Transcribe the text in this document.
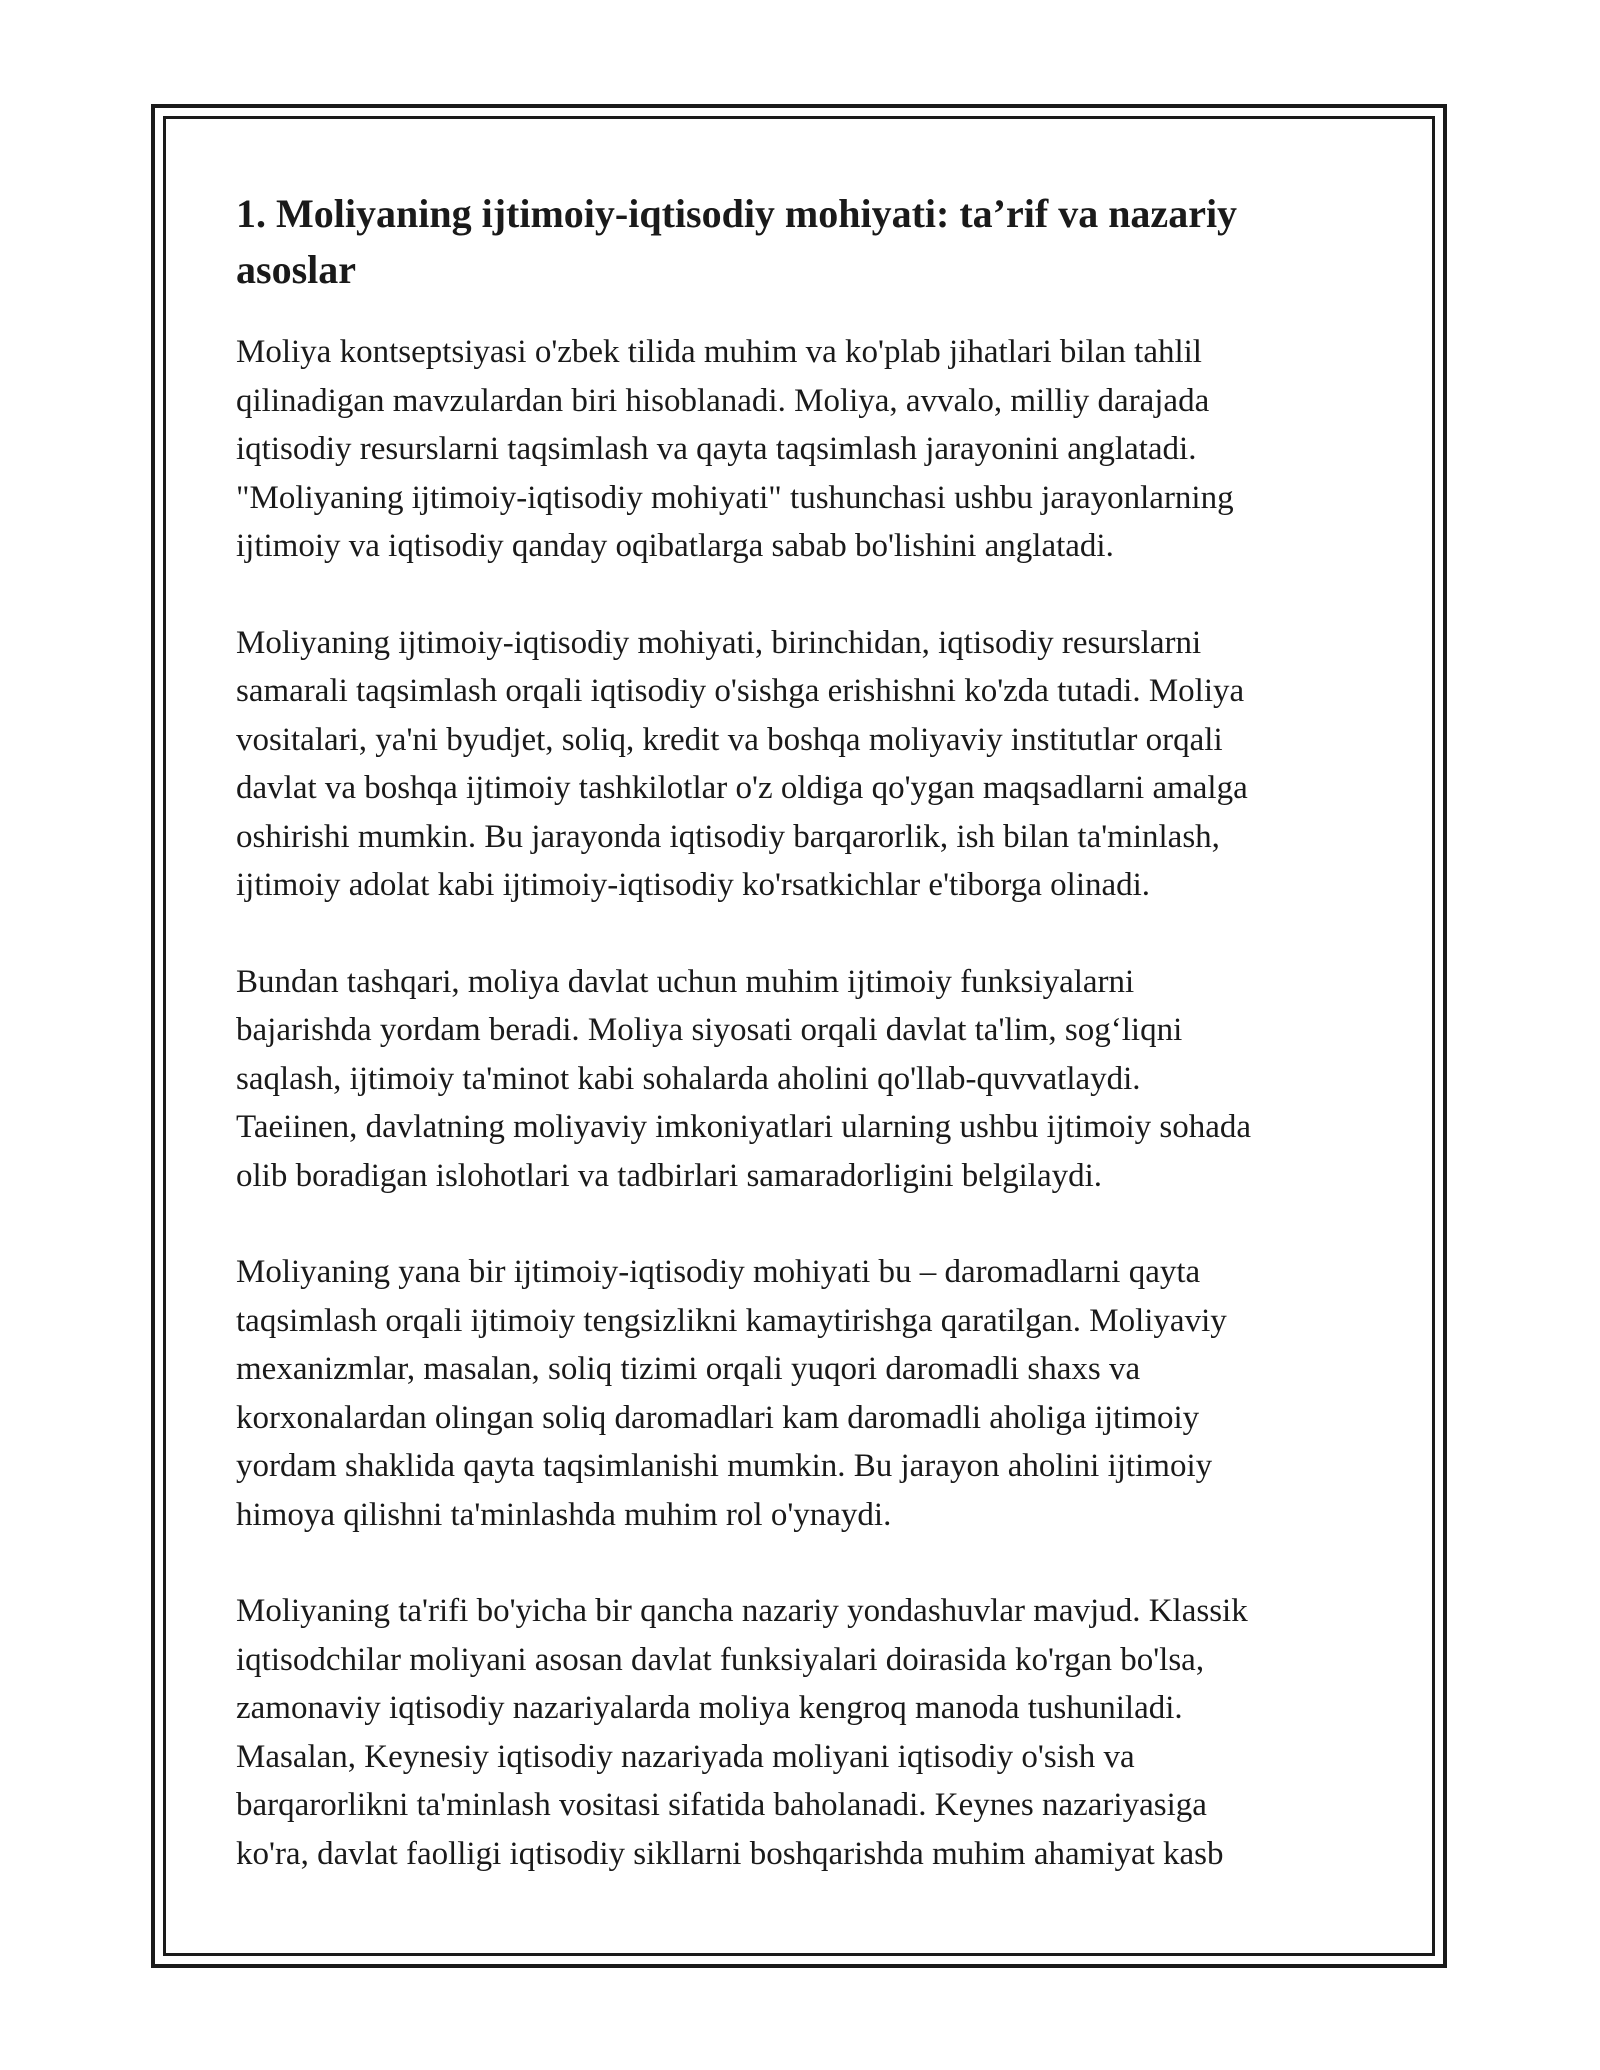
1. Moliyaning ijtimoiy-iqtisodiy mohiyati: ta’rif va nazariy asoslar

Moliya kontseptsiyasi o'zbek tilida muhim va ko'plab jihatlari bilan tahlil
qilinadigan mavzulardan biri hisoblanadi. Moliya, avvalo, milliy darajada
iqtisodiy resurslarni taqsimlash va qayta taqsimlash jarayonini anglatadi.
"Moliyaning ijtimoiy-iqtisodiy mohiyati" tushunchasi ushbu jarayonlarning
ijtimoiy va iqtisodiy qanday oqibatlarga sabab bo'lishini anglatadi.

Moliyaning ijtimoiy-iqtisodiy mohiyati, birinchidan, iqtisodiy resurslarni
samarali taqsimlash orqali iqtisodiy o'sishga erishishni ko'zda tutadi. Moliya
vositalari, ya'ni byudjet, soliq, kredit va boshqa moliyaviy institutlar orqali
davlat va boshqa ijtimoiy tashkilotlar o'z oldiga qo'ygan maqsadlarni amalga
oshirishi mumkin. Bu jarayonda iqtisodiy barqarorlik, ish bilan ta'minlash,
ijtimoiy adolat kabi ijtimoiy-iqtisodiy ko'rsatkichlar e'tiborga olinadi.

Bundan tashqari, moliya davlat uchun muhim ijtimoiy funksiyalarni
bajarishda yordam beradi. Moliya siyosati orqali davlat ta'lim, sog‘liqni
saqlash, ijtimoiy ta'minot kabi sohalarda aholini qo'llab-quvvatlaydi.
Taeiinen, davlatning moliyaviy imkoniyatlari ularning ushbu ijtimoiy sohada
olib boradigan islohotlari va tadbirlari samaradorligini belgilaydi.

Moliyaning yana bir ijtimoiy-iqtisodiy mohiyati bu – daromadlarni qayta
taqsimlash orqali ijtimoiy tengsizlikni kamaytirishga qaratilgan. Moliyaviy
mexanizmlar, masalan, soliq tizimi orqali yuqori daromadli shaxs va
korxonalardan olingan soliq daromadlari kam daromadli aholiga ijtimoiy
yordam shaklida qayta taqsimlanishi mumkin. Bu jarayon aholini ijtimoiy
himoya qilishni ta'minlashda muhim rol o'ynaydi.

Moliyaning ta'rifi bo'yicha bir qancha nazariy yondashuvlar mavjud. Klassik
iqtisodchilar moliyani asosan davlat funksiyalari doirasida ko'rgan bo'lsa,
zamonaviy iqtisodiy nazariyalarda moliya kengroq manoda tushuniladi.
Masalan, Keynesiy iqtisodiy nazariyada moliyani iqtisodiy o'sish va
barqarorlikni ta'minlash vositasi sifatida baholanadi. Keynes nazariyasiga
ko'ra, davlat faolligi iqtisodiy sikllarni boshqarishda muhim ahamiyat kasb
